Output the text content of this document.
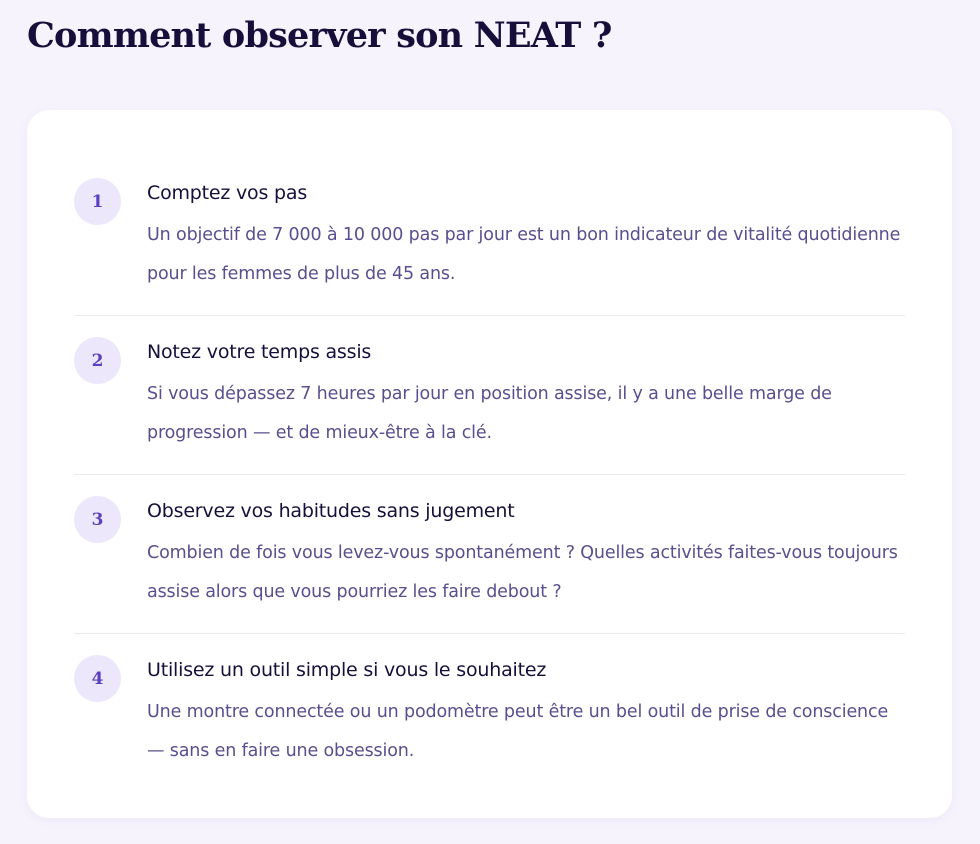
Comment observer son NEAT ?
1	Comptez vos pas

Un objectif de 7 000 à 10 000 pas par jour est un bon indicateur de vitalité quotidienne pour les femmes de plus de 45 ans.

2	Notez votre temps assis

Si vous dépassez 7 heures par jour en position assise, il y a une belle marge de progression — et de mieux-être à la clé.

3	Observez vos habitudes sans jugement

Combien de fois vous levez-vous spontanément ? Quelles activités faites-vous toujours assise alors que vous pourriez les faire debout ?

4	Utilisez un outil simple si vous le souhaitez

Une montre connectée ou un podomètre peut être un bel outil de prise de conscience — sans en faire une obsession.
